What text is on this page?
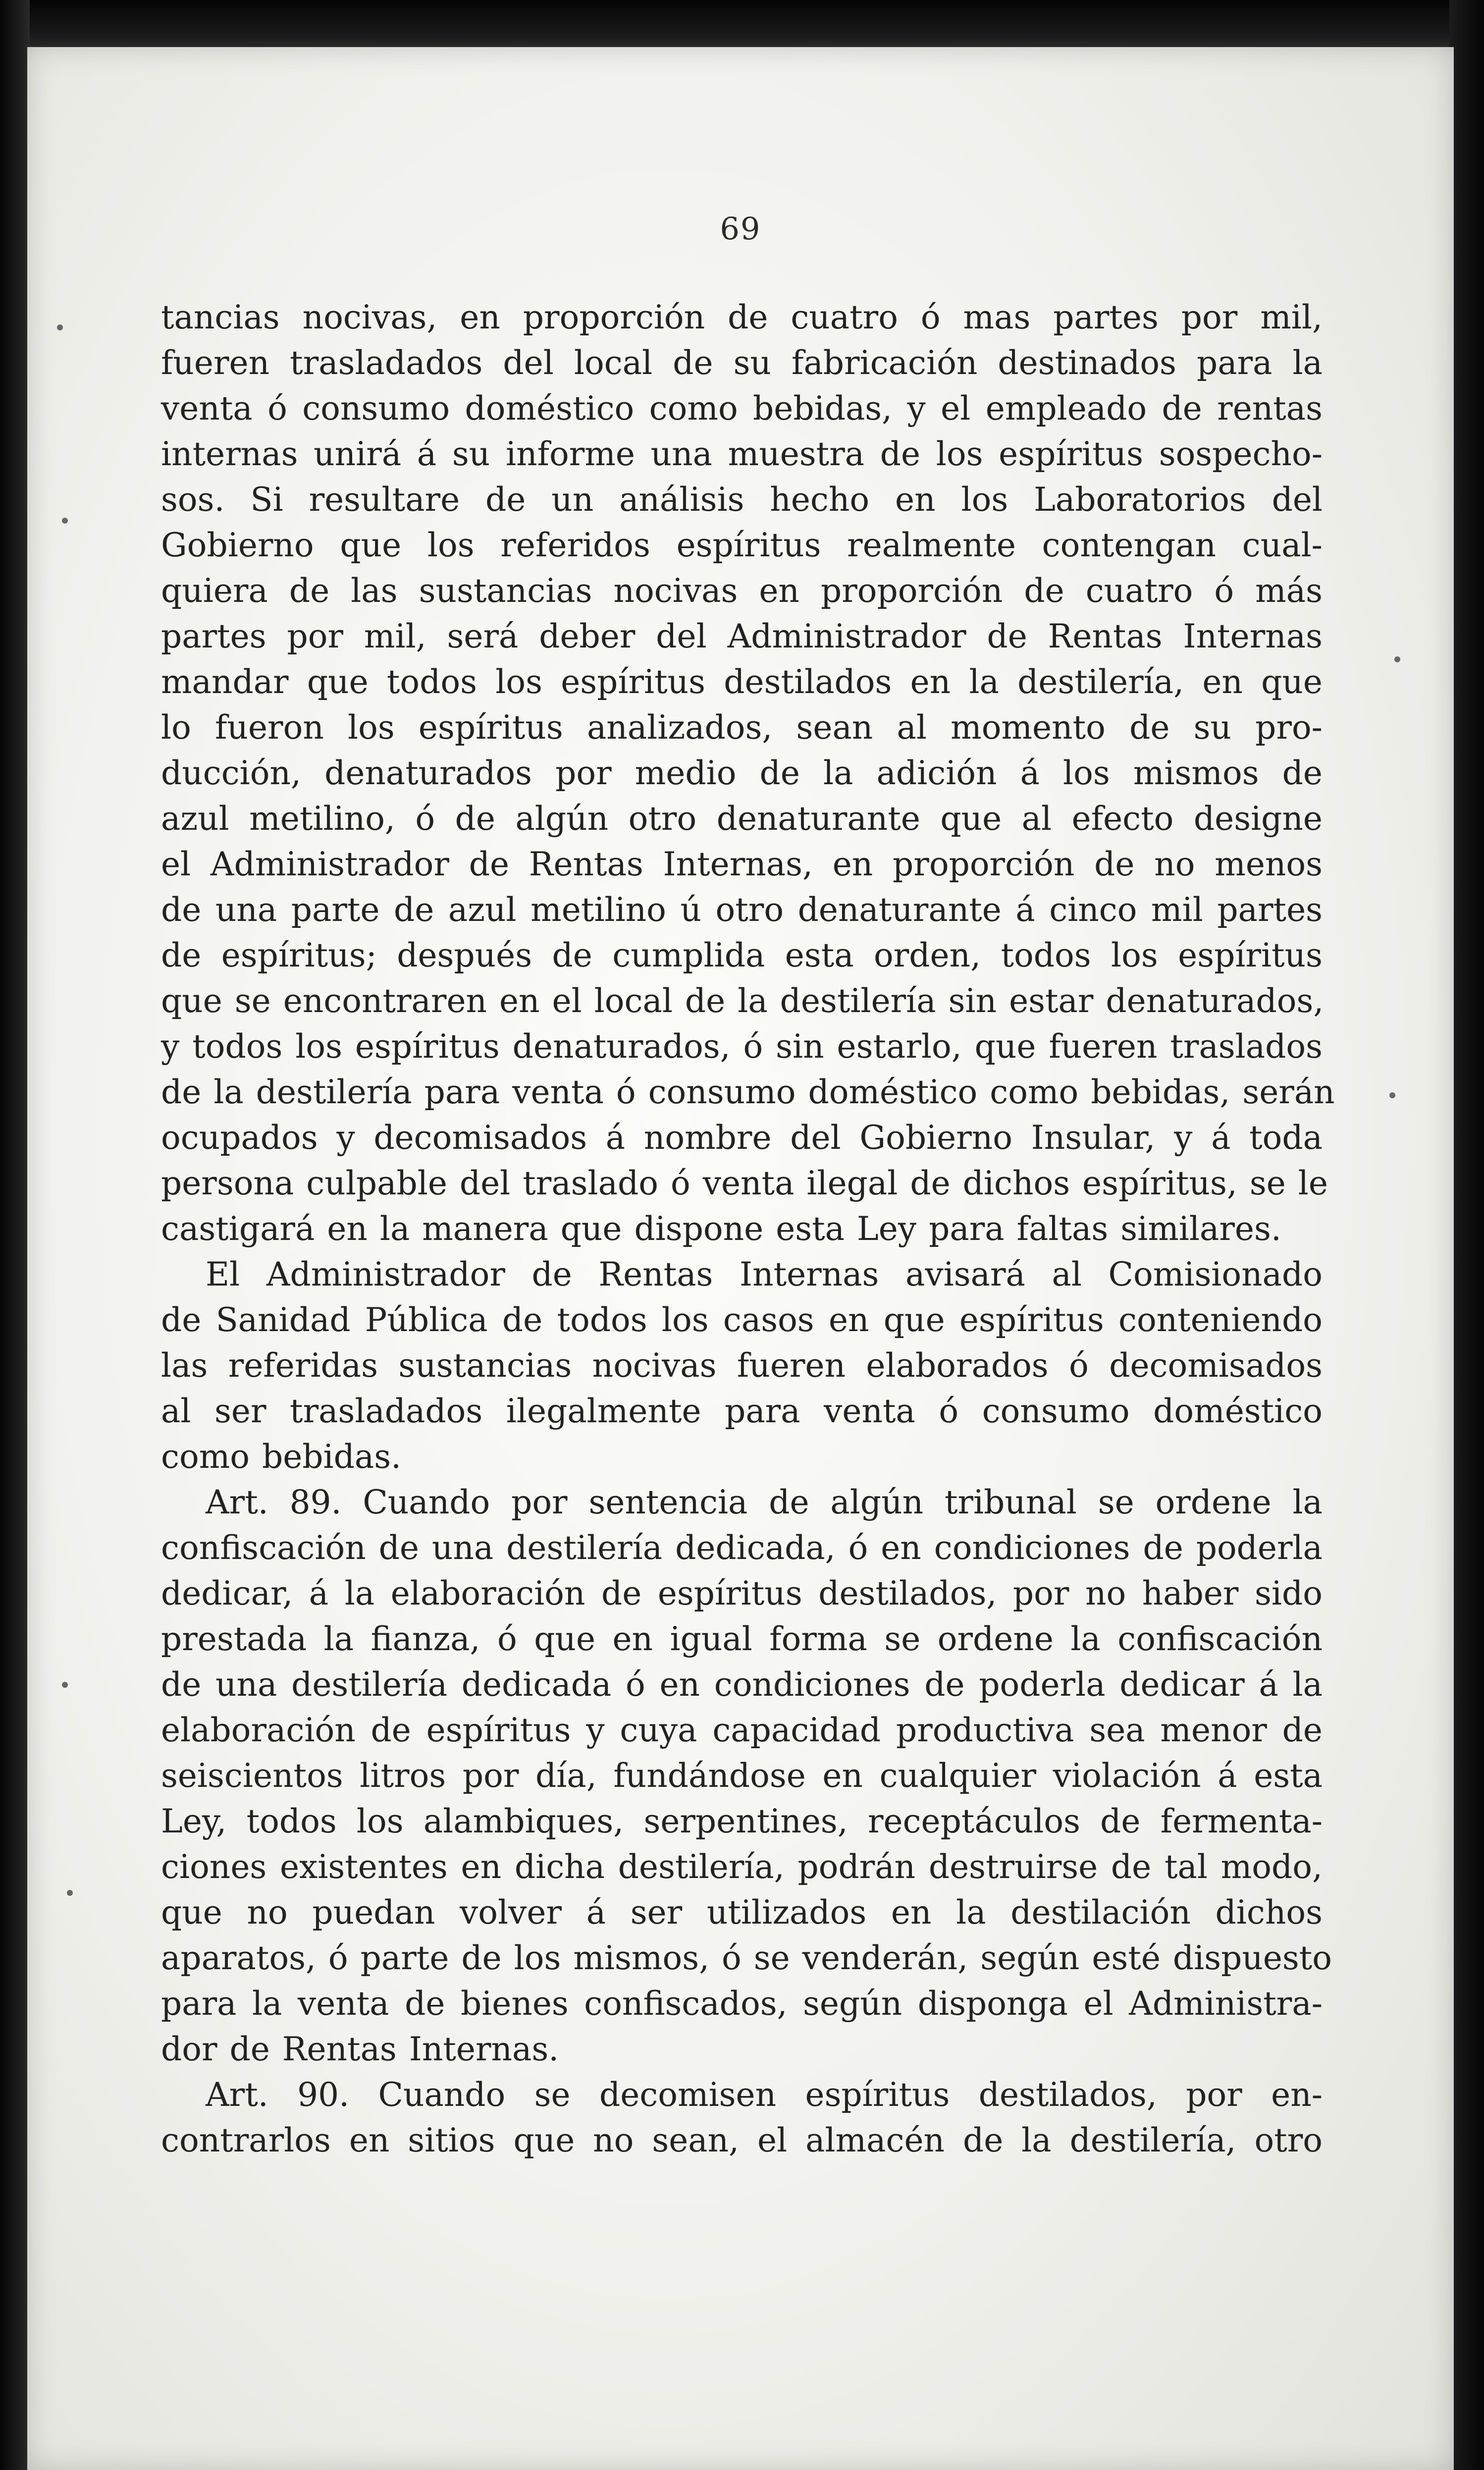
69
tancias nocivas, en proporción de cuatro ó mas partes por mil,
fueren trasladados del local de su fabricación destinados para la
venta ó consumo doméstico como bebidas, y el empleado de rentas
internas unirá á su informe una muestra de los espíritus sospecho-
sos. Si resultare de un análisis hecho en los Laboratorios del
Gobierno que los referidos espíritus realmente contengan cual-
quiera de las sustancias nocivas en proporción de cuatro ó más
partes por mil, será deber del Administrador de Rentas Internas
mandar que todos los espíritus destilados en la destilería, en que
lo fueron los espíritus analizados, sean al momento de su pro-
ducción, denaturados por medio de la adición á los mismos de
azul metilino, ó de algún otro denaturante que al efecto designe
el Administrador de Rentas Internas, en proporción de no menos
de una parte de azul metilino ú otro denaturante á cinco mil partes
de espíritus; después de cumplida esta orden, todos los espíritus
que se encontraren en el local de la destilería sin estar denaturados,
y todos los espíritus denaturados, ó sin estarlo, que fueren traslados
de la destilería para venta ó consumo doméstico como bebidas, serán
ocupados y decomisados á nombre del Gobierno Insular, y á toda
persona culpable del traslado ó venta ilegal de dichos espíritus, se le
castigará en la manera que dispone esta Ley para faltas similares.
El Administrador de Rentas Internas avisará al Comisionado
de Sanidad Pública de todos los casos en que espíritus conteniendo
las referidas sustancias nocivas fueren elaborados ó decomisados
al ser trasladados ilegalmente para venta ó consumo doméstico
como bebidas.
Art. 89. Cuando por sentencia de algún tribunal se ordene la
confiscación de una destilería dedicada, ó en condiciones de poderla
dedicar, á la elaboración de espíritus destilados, por no haber sido
prestada la fianza, ó que en igual forma se ordene la confiscación
de una destilería dedicada ó en condiciones de poderla dedicar á la
elaboración de espíritus y cuya capacidad productiva sea menor de
seiscientos litros por día, fundándose en cualquier violación á esta
Ley, todos los alambiques, serpentines, receptáculos de fermenta-
ciones existentes en dicha destilería, podrán destruirse de tal modo,
que no puedan volver á ser utilizados en la destilación dichos
aparatos, ó parte de los mismos, ó se venderán, según esté dispuesto
para la venta de bienes confiscados, según disponga el Administra-
dor de Rentas Internas.
Art. 90. Cuando se decomisen espíritus destilados, por en-
contrarlos en sitios que no sean, el almacén de la destilería, otro
